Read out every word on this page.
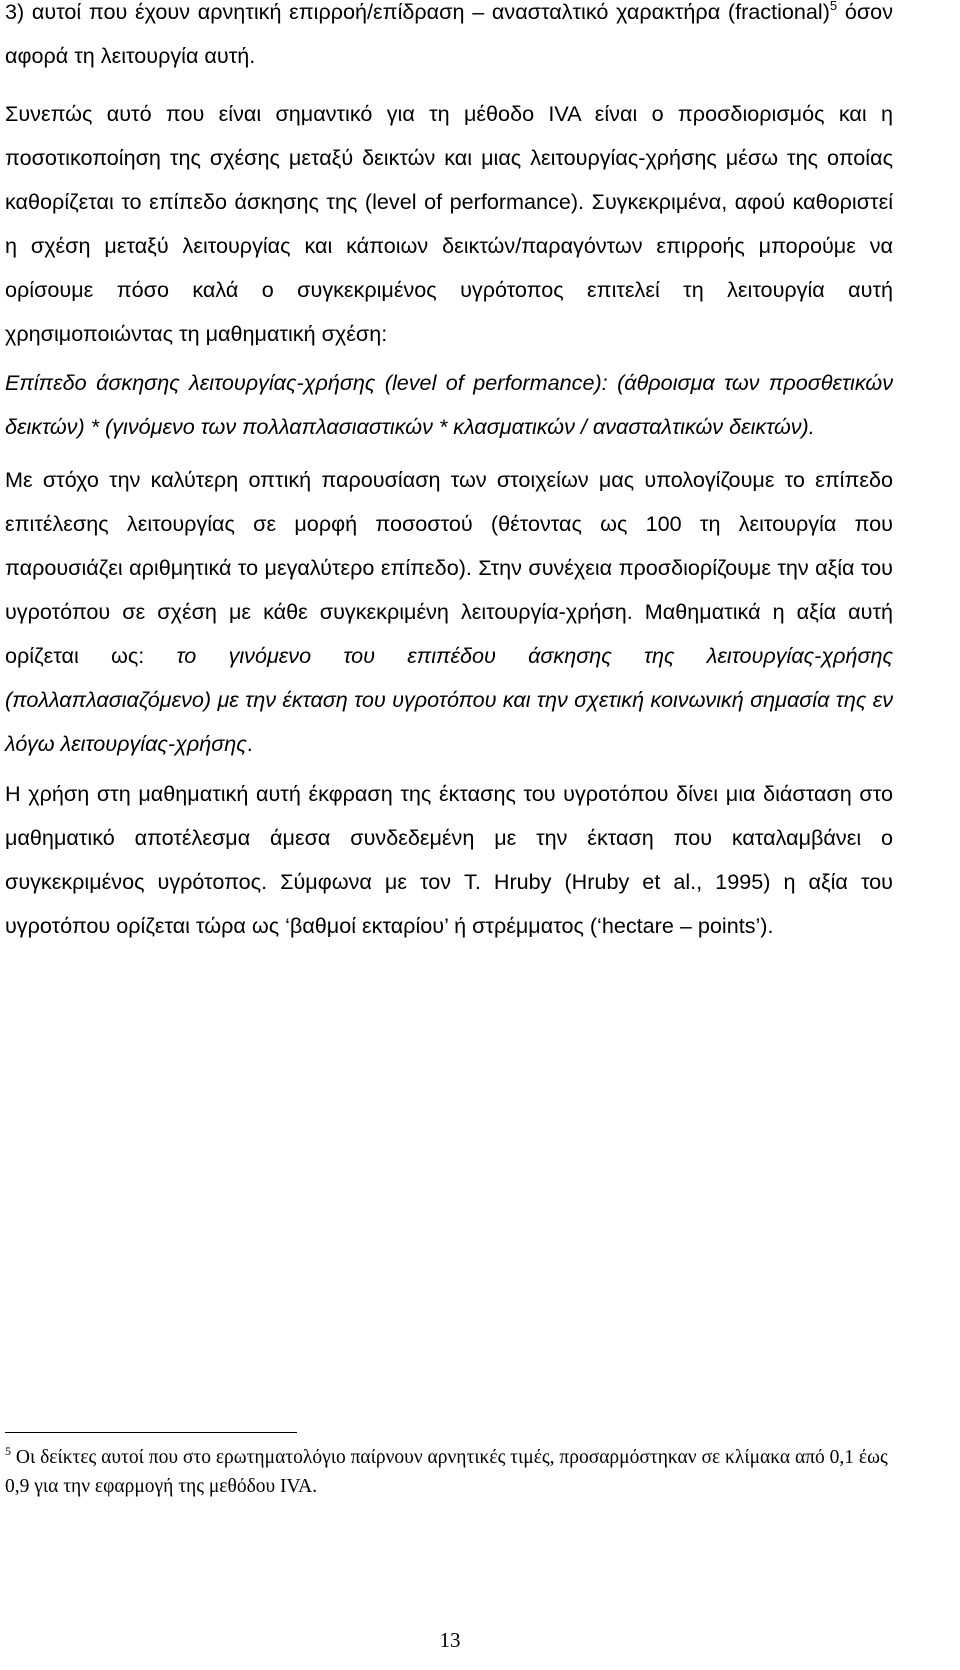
3) αυτοί που έχουν αρνητική επιρροή/επίδραση – ανασταλτικό χαρακτήρα (fractional)$^5$ όσον αφορά τη λειτουργία αυτή.

Συνεπώς αυτό που είναι σημαντικό για τη μέθοδο IVA είναι ο προσδιορισμός και η ποσοτικοποίηση της σχέσης μεταξύ δεικτών και μιας λειτουργίας-χρήσης μέσω της οποίας καθορίζεται το επίπεδο άσκησης της (level of performance). Συγκεκριμένα, αφού καθοριστεί η σχέση μεταξύ λειτουργίας και κάποιων δεικτών/παραγόντων επιρροής μπορούμε να ορίσουμε πόσο καλά ο συγκεκριμένος υγρότοπος επιτελεί τη λειτουργία αυτή χρησιμοποιώντας τη μαθηματική σχέση:

Επίπεδο άσκησης λειτουργίας-χρήσης (level of performance): (άθροισμα των προσθετικών δεικτών) * (γινόμενο των πολλαπλασιαστικών * κλασματικών / ανασταλτικών δεικτών).

Με στόχο την καλύτερη οπτική παρουσίαση των στοιχείων μας υπολογίζουμε το επίπεδο επιτέλεσης λειτουργίας σε μορφή ποσοστού (θέτοντας ως 100 τη λειτουργία που παρουσιάζει αριθμητικά το μεγαλύτερο επίπεδο). Στην συνέχεια προσδιορίζουμε την αξία του υγροτόπου σε σχέση με κάθε συγκεκριμένη λειτουργία-χρήση. Μαθηματικά η αξία αυτή ορίζεται ως: το γινόμενο του επιπέδου άσκησης της λειτουργίας-χρήσης (πολλαπλασιαζόμενο) με την έκταση του υγροτόπου και την σχετική κοινωνική σημασία της εν λόγω λειτουργίας-χρήσης.

Η χρήση στη μαθηματική αυτή έκφραση της έκτασης του υγροτόπου δίνει μια διάσταση στο μαθηματικό αποτέλεσμα άμεσα συνδεδεμένη με την έκταση που καταλαμβάνει ο συγκεκριμένος υγρότοπος. Σύμφωνα με τον T. Hruby (Hruby et al., 1995) η αξία του υγροτόπου ορίζεται τώρα ως ‘βαθμοί εκταρίου’ ή στρέμματος (‘hectare – points’).

$^5$ Οι δείκτες αυτοί που στο ερωτηματολόγιο παίρνουν αρνητικές τιμές, προσαρμόστηκαν σε κλίμακα από 0,1 έως 0,9 για την εφαρμογή της μεθόδου IVA.

13
